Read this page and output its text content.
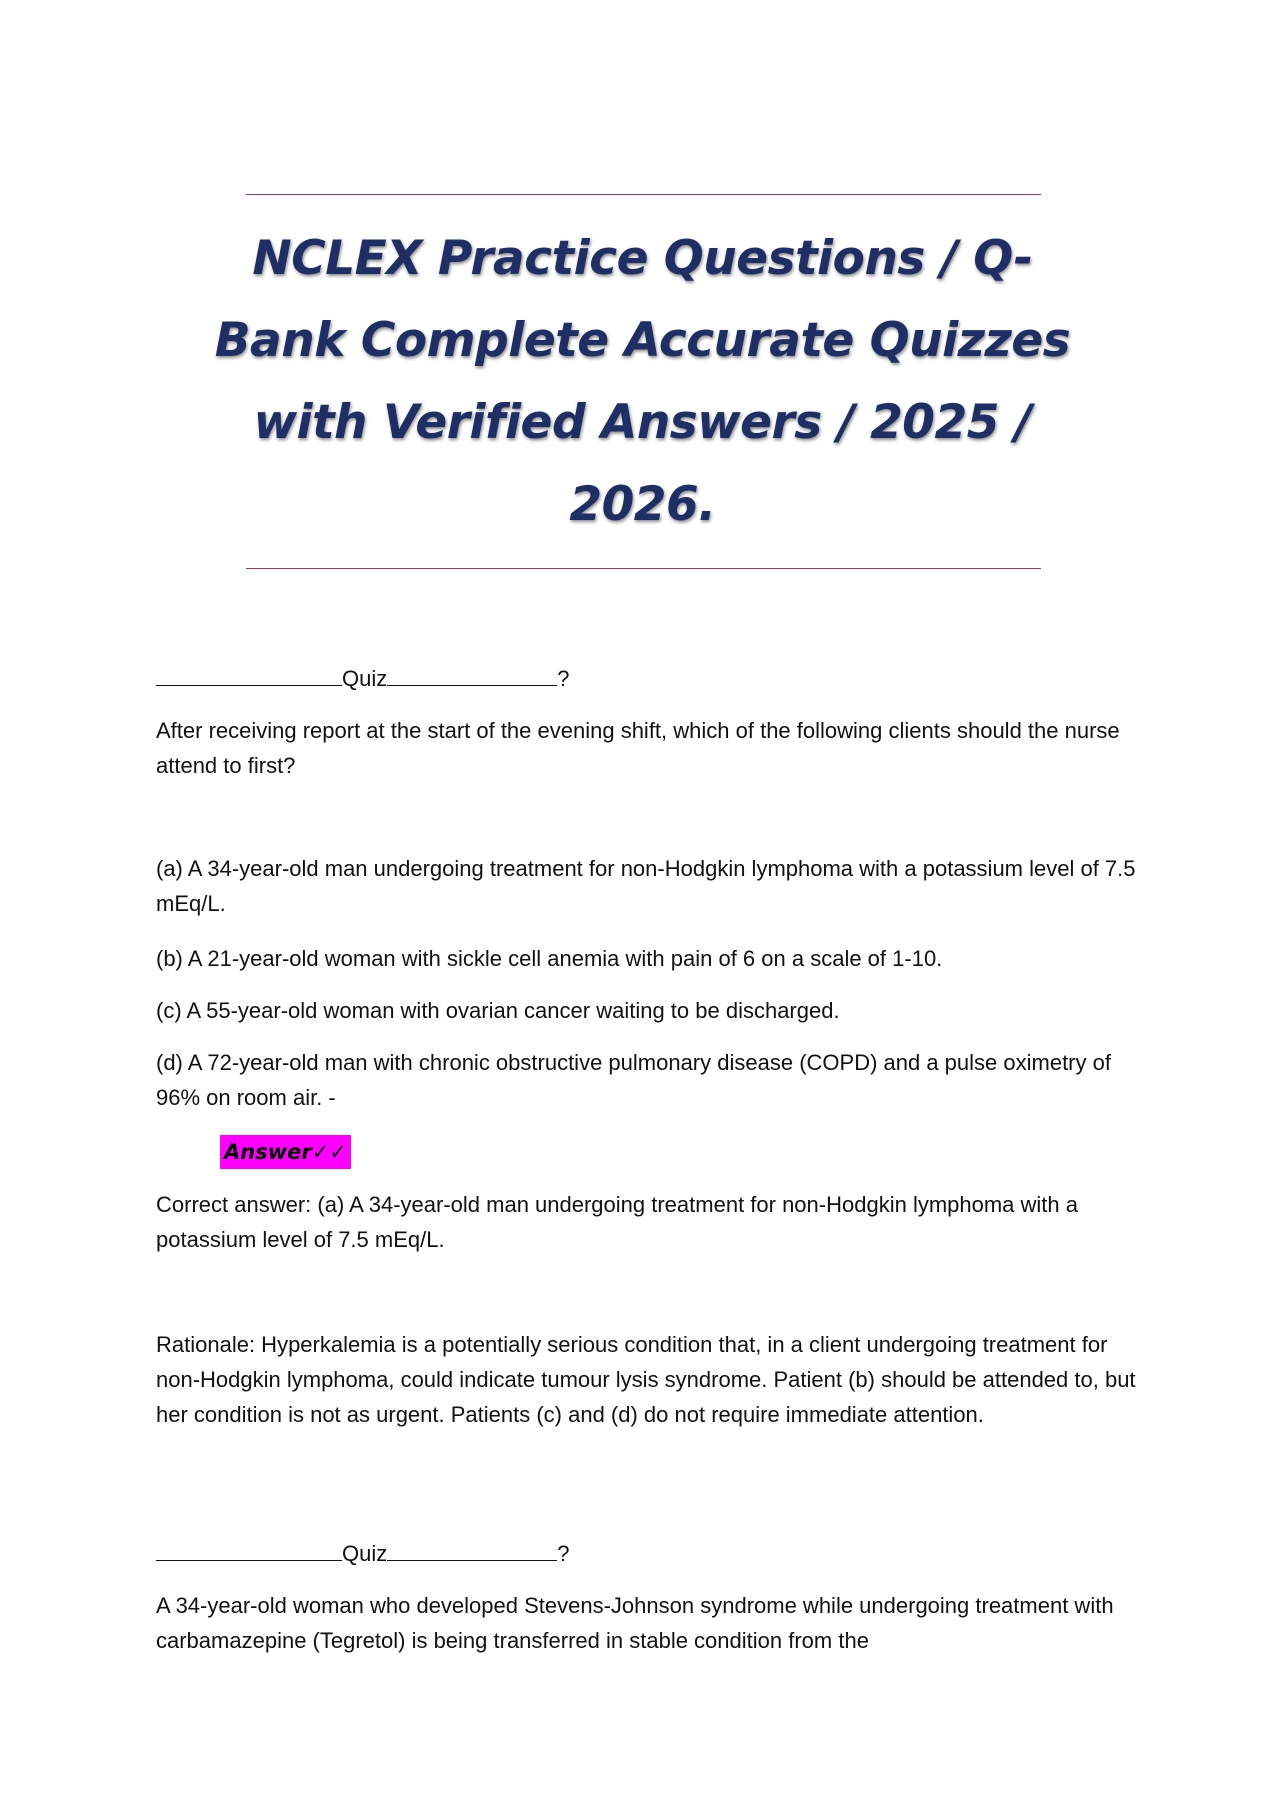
NCLEX Practice Questions / Q-Bank Complete Accurate Quizzes with Verified Answers / 2025 / 2026.
Quiz	?

After receiving report at the start of the evening shift, which of the following clients should the nurse attend to first?

(a) A 34-year-old man undergoing treatment for non-Hodgkin lymphoma with a potassium level of 7.5 mEq/L.

(b) A 21-year-old woman with sickle cell anemia with pain of 6 on a scale of 1-10.

(c) A 55-year-old woman with ovarian cancer waiting to be discharged.

(d) A 72-year-old man with chronic obstructive pulmonary disease (COPD) and a pulse oximetry of 96% on room air. -

Answer✓✓

Correct answer: (a) A 34-year-old man undergoing treatment for non-Hodgkin lymphoma with a potassium level of 7.5 mEq/L.

Rationale: Hyperkalemia is a potentially serious condition that, in a client undergoing treatment for non-Hodgkin lymphoma, could indicate tumour lysis syndrome. Patient (b) should be attended to, but her condition is not as urgent. Patients (c) and (d) do not require immediate attention.

Quiz	?

A 34-year-old woman who developed Stevens-Johnson syndrome while undergoing treatment with carbamazepine (Tegretol) is being transferred in stable condition from the
